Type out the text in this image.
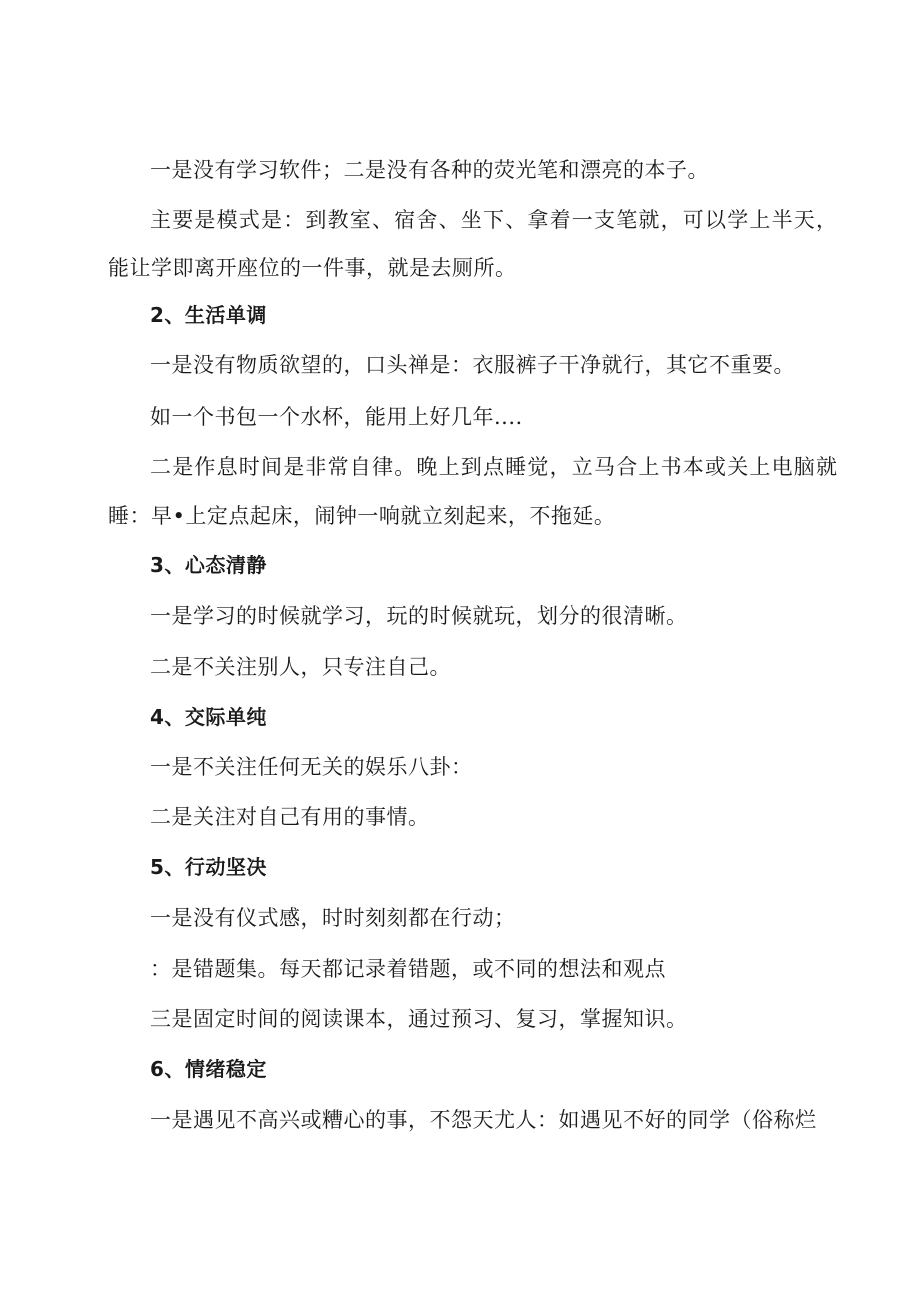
一是没有学习软件；二是没有各种的荧光笔和漂亮的本子。
主要是模式是：到教室、宿舍、坐下、拿着一支笔就，可以学上半天，
能让学即离开座位的一件事，就是去厕所。
2、生活单调
一是没有物质欲望的，口头禅是：衣服裤子干净就行，其它不重要。
如一个书包一个水杯，能用上好几年....
二是作息时间是非常自律。晚上到点睡觉，立马合上书本或关上电脑就
睡：早•上定点起床，闹钟一响就立刻起来，不拖延。
3、心态清静
一是学习的时候就学习，玩的时候就玩，划分的很清晰。
二是不关注别人，只专注自己。
4、交际单纯
一是不关注任何无关的娱乐八卦：
二是关注对自己有用的事情。
5、行动坚决
一是没有仪式感，时时刻刻都在行动；
：是错题集。每天都记录着错题，或不同的想法和观点
三是固定时间的阅读课本，通过预习、复习，掌握知识。
6、情绪稳定
一是遇见不高兴或糟心的事，不怨天尤人：如遇见不好的同学（俗称烂
